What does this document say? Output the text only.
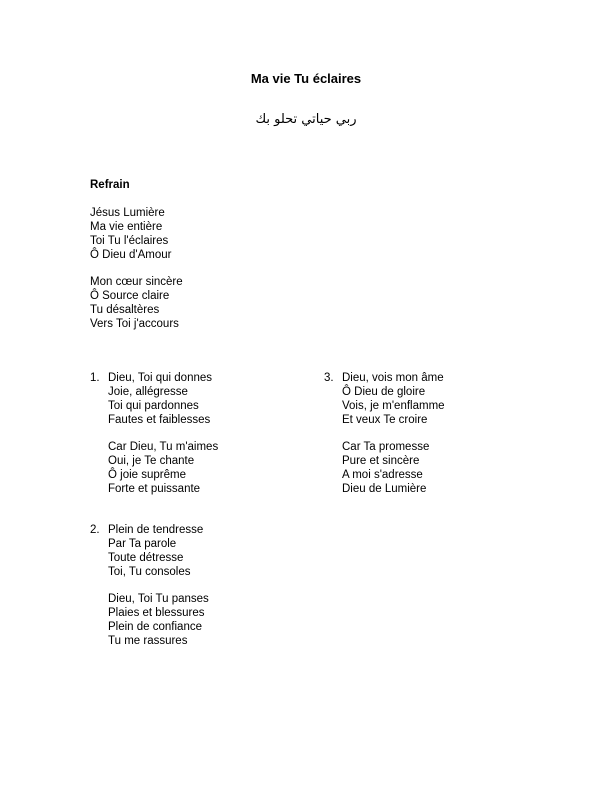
Ma vie Tu éclaires
ربي حياتي تحلو بك
Refrain
Jésus Lumière
Ma vie entière
Toi Tu l'éclaires
Ô Dieu d'Amour
Mon cœur sincère
Ô Source claire
Tu désaltères
Vers Toi j'accours
1. Dieu, Toi qui donnes
Joie, allégresse
Toi qui pardonnes
Fautes et faiblesses
Car Dieu, Tu m'aimes
Oui, je Te chante
Ô joie suprême
Forte et puissante
2. Plein de tendresse
Par Ta parole
Toute détresse
Toi, Tu consoles
Dieu, Toi Tu panses
Plaies et blessures
Plein de confiance
Tu me rassures
3. Dieu, vois mon âme
Ô Dieu de gloire
Vois, je m'enflamme
Et veux Te croire
Car Ta promesse
Pure et sincère
A moi s'adresse
Dieu de Lumière
